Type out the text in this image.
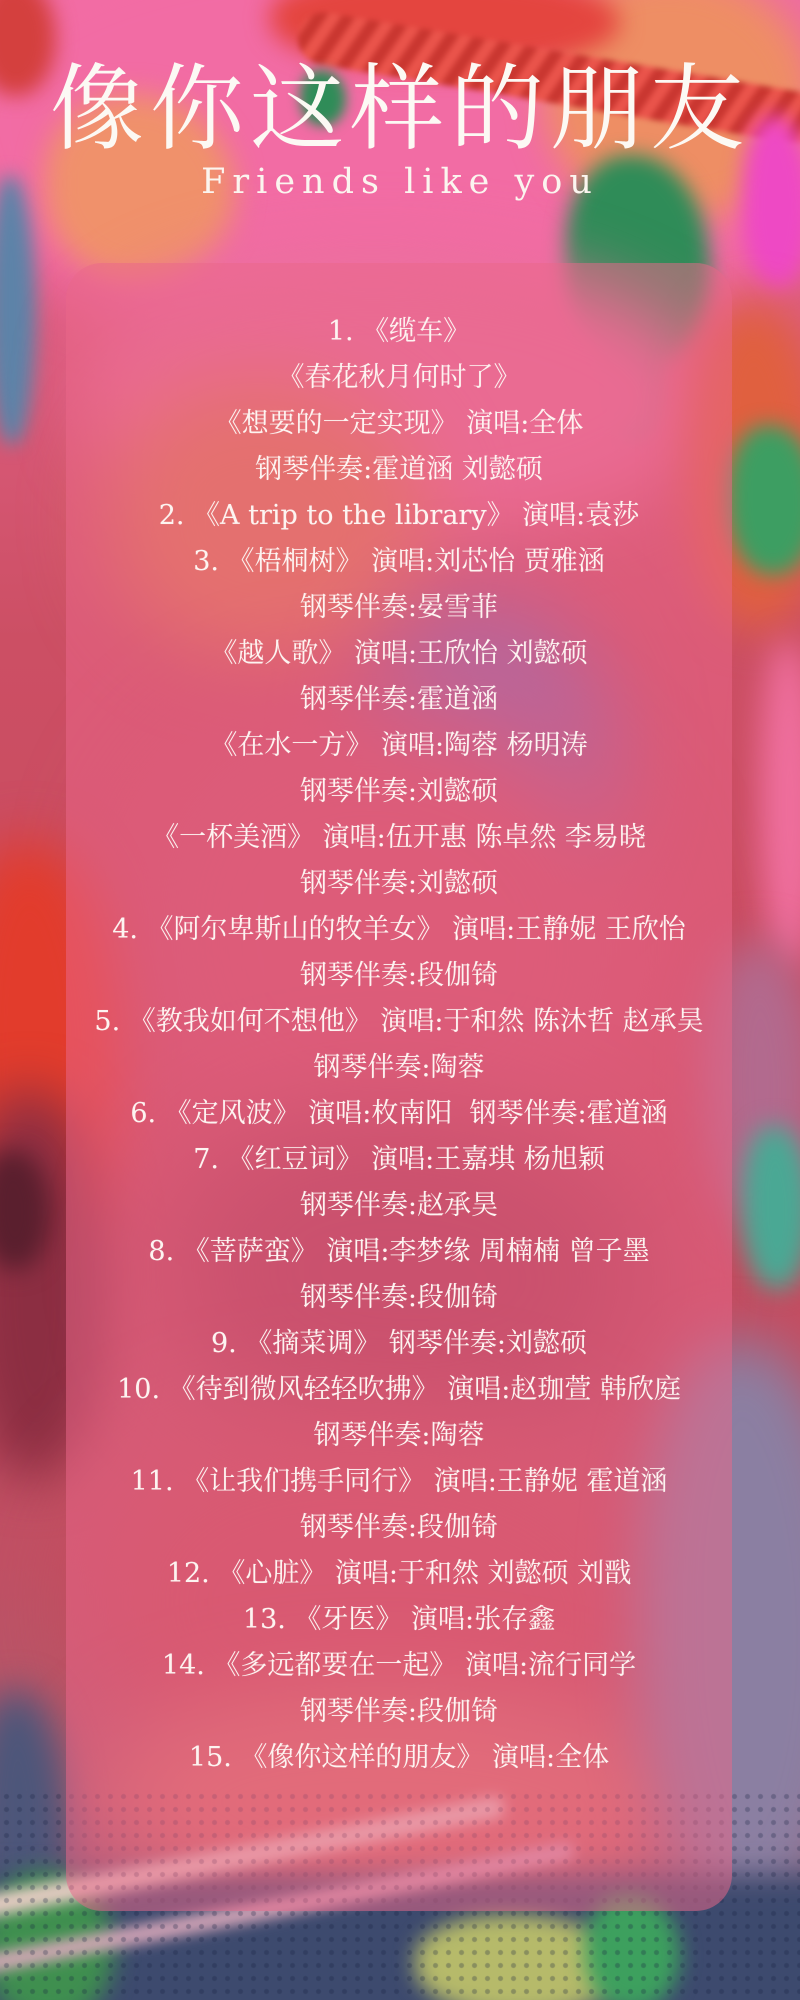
像你这样的朋友
Friends like you
1. 《缆车》
《春花秋月何时了》
《想要的一定实现》 演唱:全体
钢琴伴奏:霍道涵 刘懿硕
2. 《A trip to the library》 演唱:袁莎
3. 《梧桐树》 演唱:刘芯怡 贾雅涵
钢琴伴奏:晏雪菲
《越人歌》 演唱:王欣怡 刘懿硕
钢琴伴奏:霍道涵
《在水一方》 演唱:陶蓉 杨明涛
钢琴伴奏:刘懿硕
《一杯美酒》 演唱:伍开惠 陈卓然 李易晓
钢琴伴奏:刘懿硕
4. 《阿尔卑斯山的牧羊女》 演唱:王静妮 王欣怡
钢琴伴奏:段伽锜
5. 《教我如何不想他》 演唱:于和然 陈沐哲 赵承昊
钢琴伴奏:陶蓉
6. 《定风波》 演唱:枚南阳  钢琴伴奏:霍道涵
7. 《红豆词》 演唱:王嘉琪 杨旭颖
钢琴伴奏:赵承昊
8. 《菩萨蛮》 演唱:李梦缘 周楠楠 曾子墨
钢琴伴奏:段伽锜
9. 《摘菜调》 钢琴伴奏:刘懿硕
10. 《待到微风轻轻吹拂》 演唱:赵珈萱 韩欣庭
钢琴伴奏:陶蓉
11. 《让我们携手同行》 演唱:王静妮 霍道涵
钢琴伴奏:段伽锜
12. 《心脏》 演唱:于和然 刘懿硕 刘戬
13. 《牙医》 演唱:张存鑫
14. 《多远都要在一起》 演唱:流行同学
钢琴伴奏:段伽锜
15. 《像你这样的朋友》 演唱:全体
